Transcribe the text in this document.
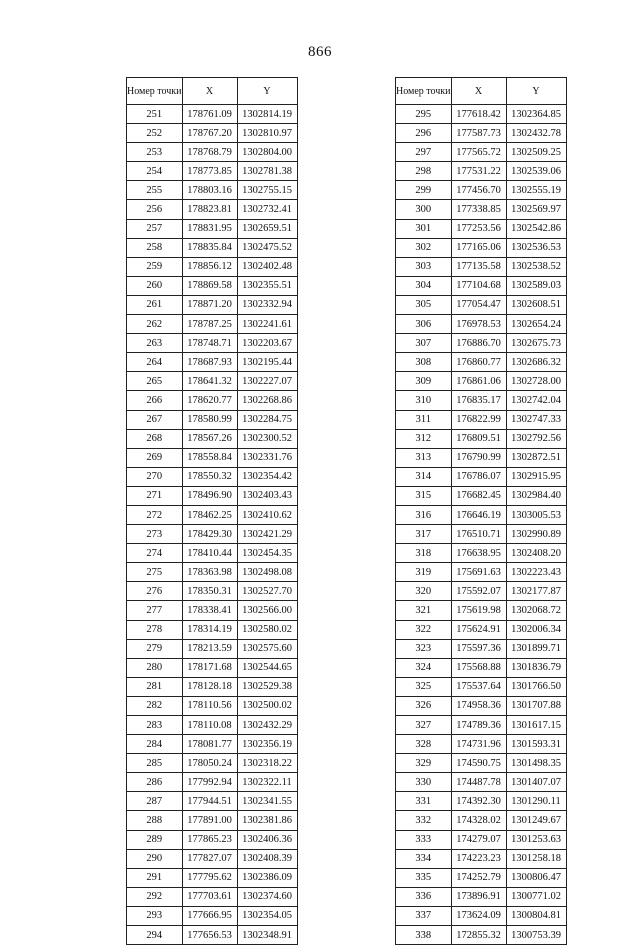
866
Номер точки	X	Y
251	178761.09	1302814.19
252	178767.20	1302810.97
253	178768.79	1302804.00
254	178773.85	1302781.38
255	178803.16	1302755.15
256	178823.81	1302732.41
257	178831.95	1302659.51
258	178835.84	1302475.52
259	178856.12	1302402.48
260	178869.58	1302355.51
261	178871.20	1302332.94
262	178787.25	1302241.61
263	178748.71	1302203.67
264	178687.93	1302195.44
265	178641.32	1302227.07
266	178620.77	1302268.86
267	178580.99	1302284.75
268	178567.26	1302300.52
269	178558.84	1302331.76
270	178550.32	1302354.42
271	178496.90	1302403.43
272	178462.25	1302410.62
273	178429.30	1302421.29
274	178410.44	1302454.35
275	178363.98	1302498.08
276	178350.31	1302527.70
277	178338.41	1302566.00
278	178314.19	1302580.02
279	178213.59	1302575.60
280	178171.68	1302544.65
281	178128.18	1302529.38
282	178110.56	1302500.02
283	178110.08	1302432.29
284	178081.77	1302356.19
285	178050.24	1302318.22
286	177992.94	1302322.11
287	177944.51	1302341.55
288	177891.00	1302381.86
289	177865.23	1302406.36
290	177827.07	1302408.39
291	177795.62	1302386.09
292	177703.61	1302374.60
293	177666.95	1302354.05
294	177656.53	1302348.91
Номер точки	X	Y
295	177618.42	1302364.85
296	177587.73	1302432.78
297	177565.72	1302509.25
298	177531.22	1302539.06
299	177456.70	1302555.19
300	177338.85	1302569.97
301	177253.56	1302542.86
302	177165.06	1302536.53
303	177135.58	1302538.52
304	177104.68	1302589.03
305	177054.47	1302608.51
306	176978.53	1302654.24
307	176886.70	1302675.73
308	176860.77	1302686.32
309	176861.06	1302728.00
310	176835.17	1302742.04
311	176822.99	1302747.33
312	176809.51	1302792.56
313	176790.99	1302872.51
314	176786.07	1302915.95
315	176682.45	1302984.40
316	176646.19	1303005.53
317	176510.71	1302990.89
318	176638.95	1302408.20
319	175691.63	1302223.43
320	175592.07	1302177.87
321	175619.98	1302068.72
322	175624.91	1302006.34
323	175597.36	1301899.71
324	175568.88	1301836.79
325	175537.64	1301766.50
326	174958.36	1301707.88
327	174789.36	1301617.15
328	174731.96	1301593.31
329	174590.75	1301498.35
330	174487.78	1301407.07
331	174392.30	1301290.11
332	174328.02	1301249.67
333	174279.07	1301253.63
334	174223.23	1301258.18
335	174252.79	1300806.47
336	173896.91	1300771.02
337	173624.09	1300804.81
338	172855.32	1300753.39
